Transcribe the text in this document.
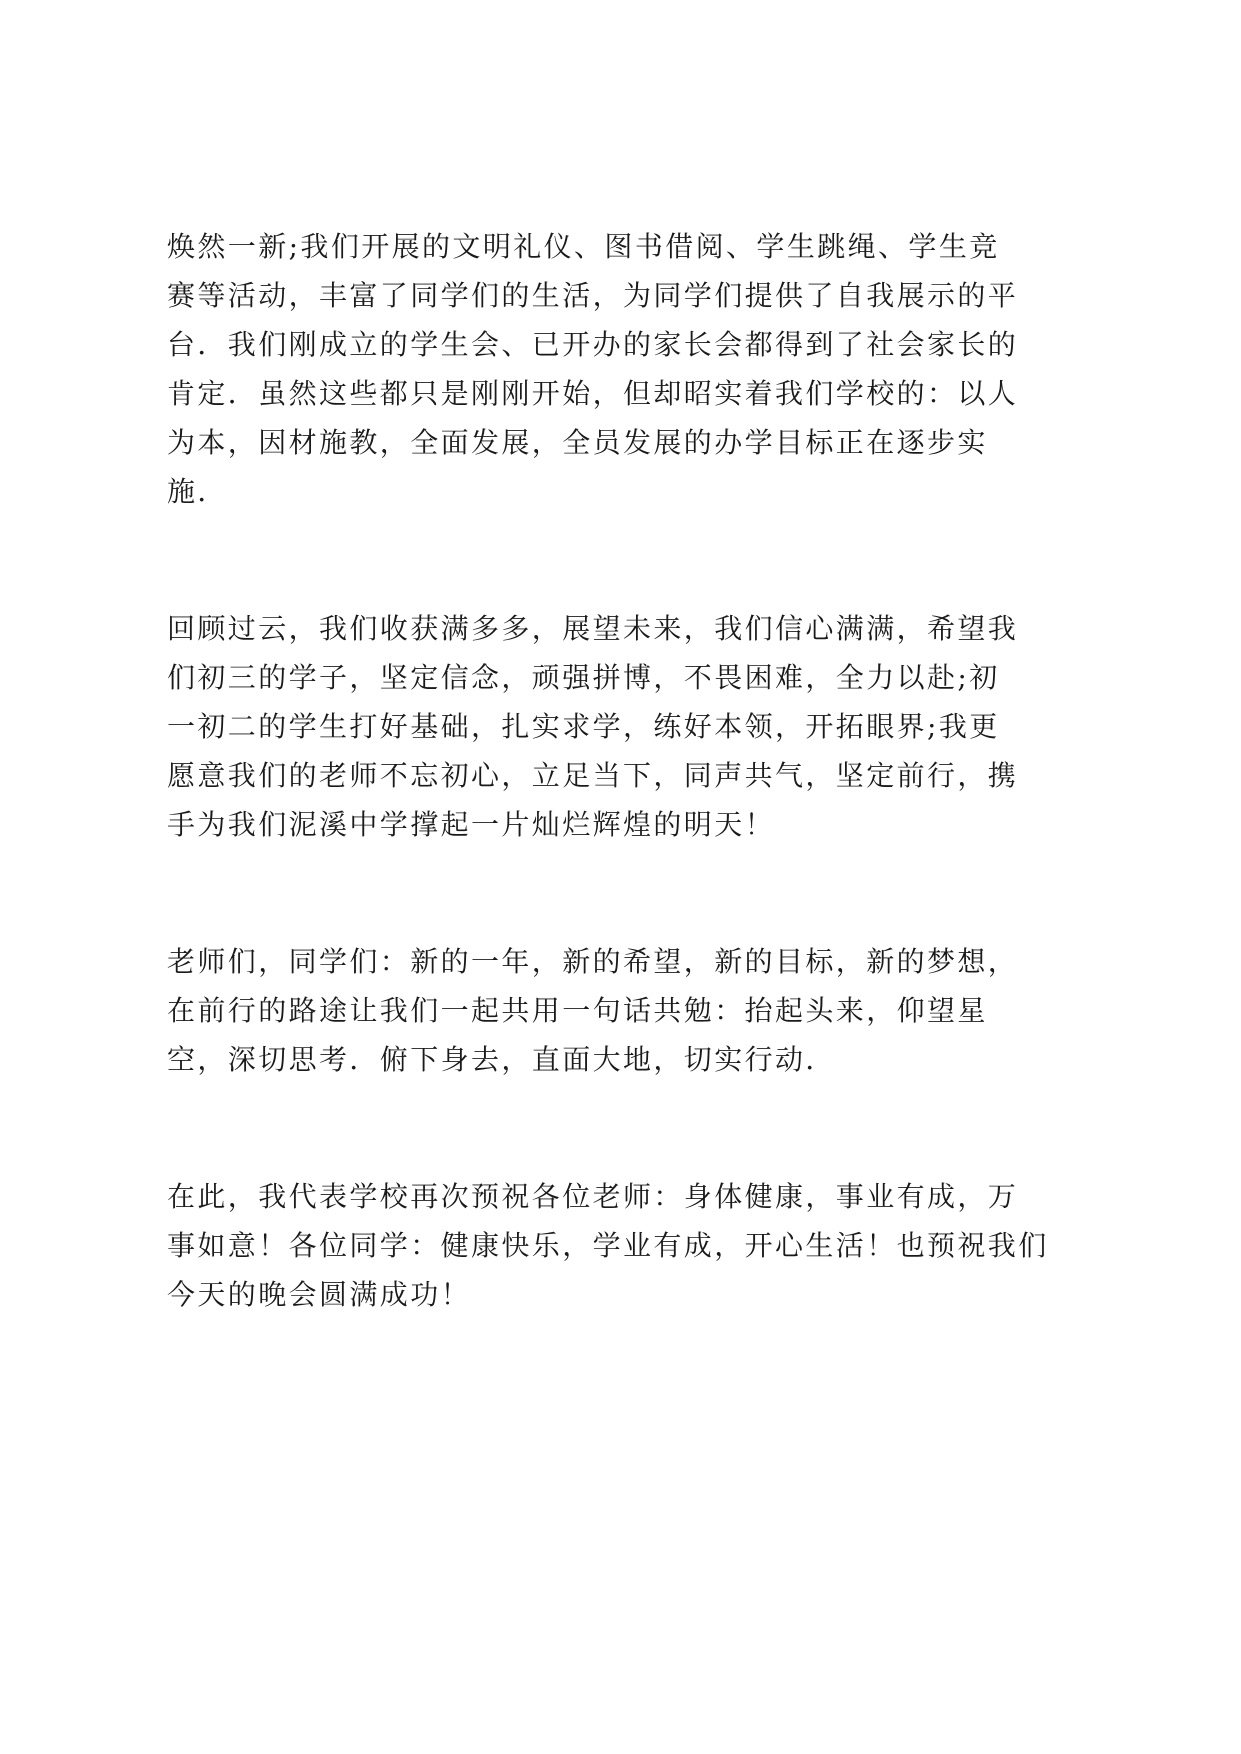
焕然一新;我们开展的文明礼仪、图书借阅、学生跳绳、学生竞
赛等活动，丰富了同学们的生活，为同学们提供了自我展示的平
台．我们刚成立的学生会、已开办的家长会都得到了社会家长的
肯定．虽然这些都只是刚刚开始，但却昭实着我们学校的：以人
为本，因材施教，全面发展，全员发展的办学目标正在逐步实
施．
回顾过云，我们收获满多多，展望未来，我们信心满满，希望我
们初三的学子，坚定信念，顽强拼博，不畏困难，全力以赴;初
一初二的学生打好基础，扎实求学，练好本领，开拓眼界;我更
愿意我们的老师不忘初心，立足当下，同声共气，坚定前行，携
手为我们泥溪中学撑起一片灿烂辉煌的明天！
老师们，同学们：新的一年，新的希望，新的目标，新的梦想，
在前行的路途让我们一起共用一句话共勉：抬起头来，仰望星
空，深切思考．俯下身去，直面大地，切实行动．
在此，我代表学校再次预祝各位老师：身体健康，事业有成，万
事如意！各位同学：健康快乐，学业有成，开心生活！也预祝我们
今天的晚会圆满成功！
